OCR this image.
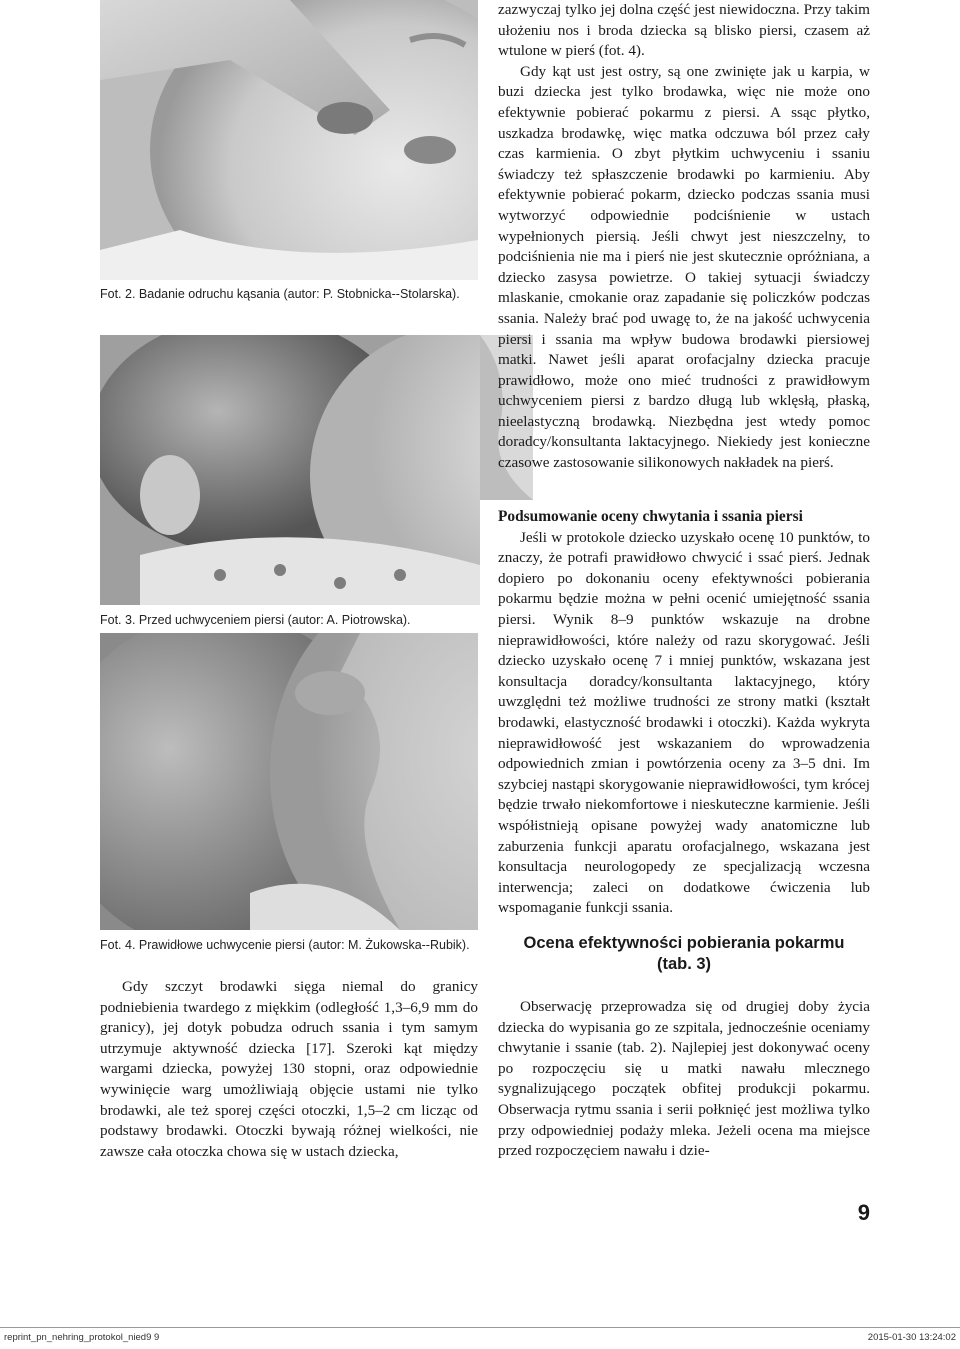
Fot. 2. Badanie odruchu kąsania (autor: P. Stobnicka--Stolarska).
Fot. 3. Przed uchwyceniem piersi (autor: A. Piotrowska).
Fot. 4. Prawidłowe uchwycenie piersi (autor: M. Żukowska--Rubik).

Gdy szczyt brodawki sięga niemal do granicy podniebienia twardego z miękkim (odległość 1,3–6,9 mm do granicy), jej dotyk pobudza odruch ssania i tym samym utrzymuje aktywność dziecka [17]. Szeroki kąt między wargami dziecka, powyżej 130 stopni, oraz odpowiednie wywinięcie warg umożliwiają objęcie ustami nie tylko brodawki, ale też sporej części otoczki, 1,5–2 cm licząc od podstawy brodawki. Otoczki bywają różnej wielkości, nie zawsze cała otoczka chowa się w ustach dziecka,

zazwyczaj tylko jej dolna część jest niewidoczna. Przy takim ułożeniu nos i broda dziecka są blisko piersi, czasem aż wtulone w pierś (fot. 4).

Gdy kąt ust jest ostry, są one zwinięte jak u karpia, w buzi dziecka jest tylko brodawka, więc nie może ono efektywnie pobierać pokarmu z piersi. A ssąc płytko, uszkadza brodawkę, więc matka odczuwa ból przez cały czas karmienia. O zbyt płytkim uchwyceniu i ssaniu świadczy też spłaszczenie brodawki po karmieniu. Aby efektywnie pobierać pokarm, dziecko podczas ssania musi wytworzyć odpowiednie podciśnienie w ustach wypełnionych piersią. Jeśli chwyt jest nieszczelny, to podciśnienia nie ma i pierś nie jest skutecznie opróżniana, a dziecko zasysa powietrze. O takiej sytuacji świadczy mlaskanie, cmokanie oraz zapadanie się policzków podczas ssania. Należy brać pod uwagę to, że na jakość uchwycenia piersi i ssania ma wpływ budowa brodawki piersiowej matki. Nawet jeśli aparat orofacjalny dziecka pracuje prawidłowo, może ono mieć trudności z prawidłowym uchwyceniem piersi z bardzo długą lub wklęsłą, płaską, nieelastyczną brodawką. Niezbędna jest wtedy pomoc doradcy/konsultanta laktacyjnego. Niekiedy jest konieczne czasowe zastosowanie silikonowych nakładek na pierś.

Podsumowanie oceny chwytania i ssania piersi

Jeśli w protokole dziecko uzyskało ocenę 10 punktów, to znaczy, że potrafi prawidłowo chwycić i ssać pierś. Jednak dopiero po dokonaniu oceny efektywności pobierania pokarmu będzie można w pełni ocenić umiejętność ssania piersi. Wynik 8–9 punktów wskazuje na drobne nieprawidłowości, które należy od razu skorygować. Jeśli dziecko uzyskało ocenę 7 i mniej punktów, wskazana jest konsultacja doradcy/konsultanta laktacyjnego, który uwzględni też możliwe trudności ze strony matki (kształt brodawki, elastyczność brodawki i otoczki). Każda wykryta nieprawidłowość jest wskazaniem do wprowadzenia odpowiednich zmian i powtórzenia oceny za 3–5 dni. Im szybciej nastąpi skorygowanie nieprawidłowości, tym krócej będzie trwało niekomfortowe i nieskuteczne karmienie. Jeśli współistnieją opisane powyżej wady anatomiczne lub zaburzenia funkcji aparatu orofacjalnego, wskazana jest konsultacja neurologopedy ze specjalizacją wczesna interwencja; zaleci on dodatkowe ćwiczenia lub wspomaganie funkcji ssania.

Ocena efektywności pobierania pokarmu (tab. 3)

Obserwację przeprowadza się od drugiej doby życia dziecka do wypisania go ze szpitala, jednocześnie oceniamy chwytanie i ssanie (tab. 2). Najlepiej jest dokonywać oceny po rozpoczęciu się u matki nawału mlecznego sygnalizującego początek obfitej produkcji pokarmu. Obserwacja rytmu ssania i serii połknięć jest możliwa tylko przy odpowiedniej podaży mleka. Jeżeli ocena ma miejsce przed rozpoczęciem nawału i dzie-

9
reprint_pn_nehring_protokol_nied9 9	2015-01-30 13:24:02
